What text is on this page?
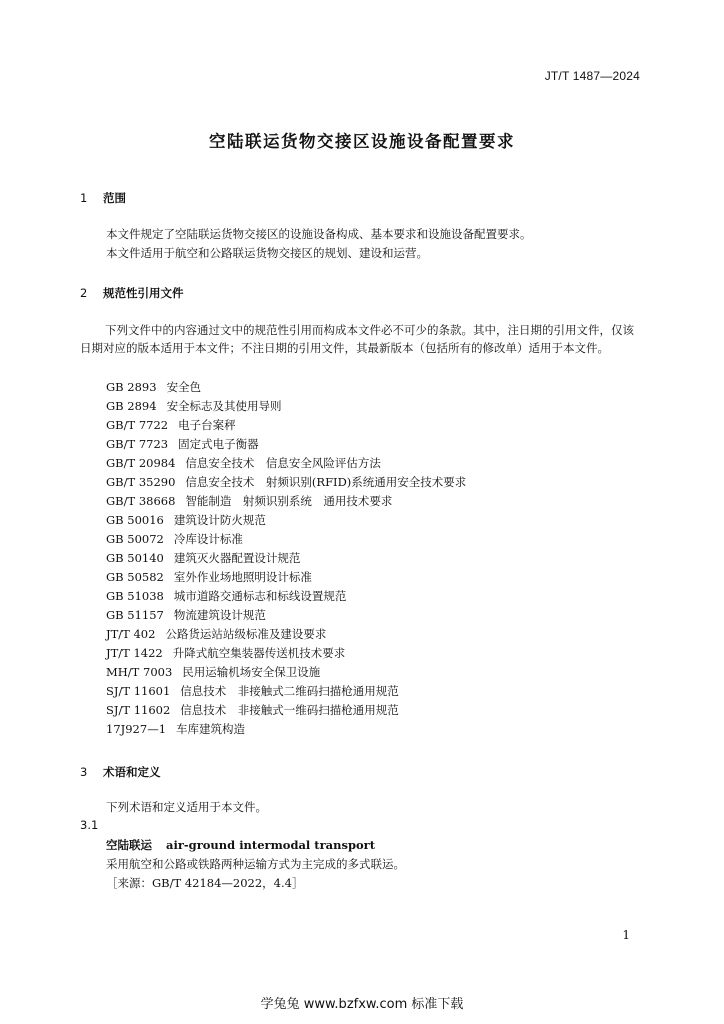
JT/T 1487—2024
空陆联运货物交接区设施设备配置要求
1 范围
本文件规定了空陆联运货物交接区的设施设备构成、基本要求和设施设备配置要求。
本文件适用于航空和公路联运货物交接区的规划、建设和运营。
2 规范性引用文件
下列文件中的内容通过文中的规范性引用而构成本文件必不可少的条款。其中，注日期的引用文件，仅该日期对应的版本适用于本文件；不注日期的引用文件，其最新版本（包括所有的修改单）适用于本文件。
GB 2893 安全色
GB 2894 安全标志及其使用导则
GB/T 7722 电子台案秤
GB/T 7723 固定式电子衡器
GB/T 20984 信息安全技术　信息安全风险评估方法
GB/T 35290 信息安全技术　射频识别(RFID)系统通用安全技术要求
GB/T 38668 智能制造　射频识别系统　通用技术要求
GB 50016 建筑设计防火规范
GB 50072 冷库设计标准
GB 50140 建筑灭火器配置设计规范
GB 50582 室外作业场地照明设计标准
GB 51038 城市道路交通标志和标线设置规范
GB 51157 物流建筑设计规范
JT/T 402 公路货运站站级标准及建设要求
JT/T 1422 升降式航空集装器传送机技术要求
MH/T 7003 民用运输机场安全保卫设施
SJ/T 11601 信息技术　非接触式二维码扫描枪通用规范
SJ/T 11602 信息技术　非接触式一维码扫描枪通用规范
17J927—1 车库建筑构造
3 术语和定义
下列术语和定义适用于本文件。
3.1
空陆联运 air-ground intermodal transport
采用航空和公路或铁路两种运输方式为主完成的多式联运。
［来源：GB/T 42184—2022，4.4］
1
学兔兔 www.bzfxw.com 标准下载
